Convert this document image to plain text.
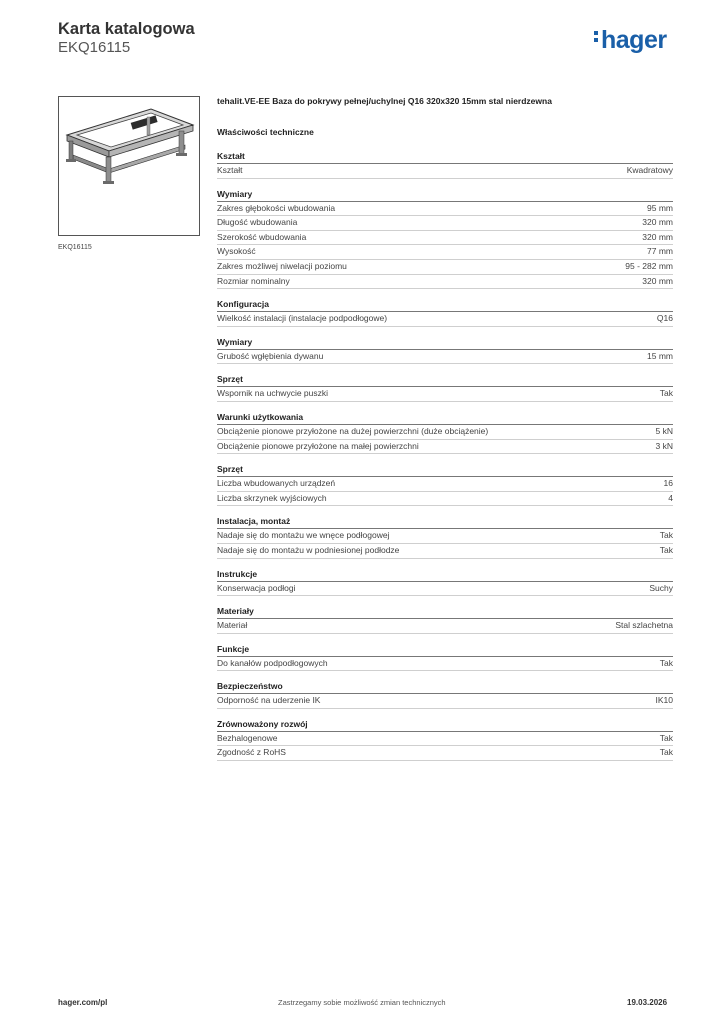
Karta katalogowa
EKQ16115	hager
EKQ16115
tehalit.VE-EE Baza do pokrywy pełnej/uchylnej Q16 320x320 15mm stal nierdzewna
Właściwości techniczne
Kształt
Kształt	Kwadratowy
Wymiary
Zakres głębokości wbudowania	95 mm
Długość wbudowania	320 mm
Szerokość wbudowania	320 mm
Wysokość	77 mm
Zakres możliwej niwelacji poziomu	95 - 282 mm
Rozmiar nominalny	320 mm
Konfiguracja
Wielkość instalacji (instalacje podpodłogowe)	Q16
Wymiary
Grubość wgłębienia dywanu	15 mm
Sprzęt
Wspornik na uchwycie puszki	Tak
Warunki użytkowania
Obciążenie pionowe przyłożone na dużej powierzchni (duże obciążenie)	5 kN
Obciążenie pionowe przyłożone na małej powierzchni	3 kN
Sprzęt
Liczba wbudowanych urządzeń	16
Liczba skrzynek wyjściowych	4
Instalacja, montaż
Nadaje się do montażu we wnęce podłogowej	Tak
Nadaje się do montażu w podniesionej podłodze	Tak
Instrukcje
Konserwacja podłogi	Suchy
Materiały
Materiał	Stal szlachetna
Funkcje
Do kanałów podpodłogowych	Tak
Bezpieczeństwo
Odporność na uderzenie IK	IK10
Zrównoważony rozwój
Bezhalogenowe	Tak
Zgodność z RoHS	Tak
hager.com/pl	Zastrzegamy sobie możliwość zmian technicznych	19.03.2026
